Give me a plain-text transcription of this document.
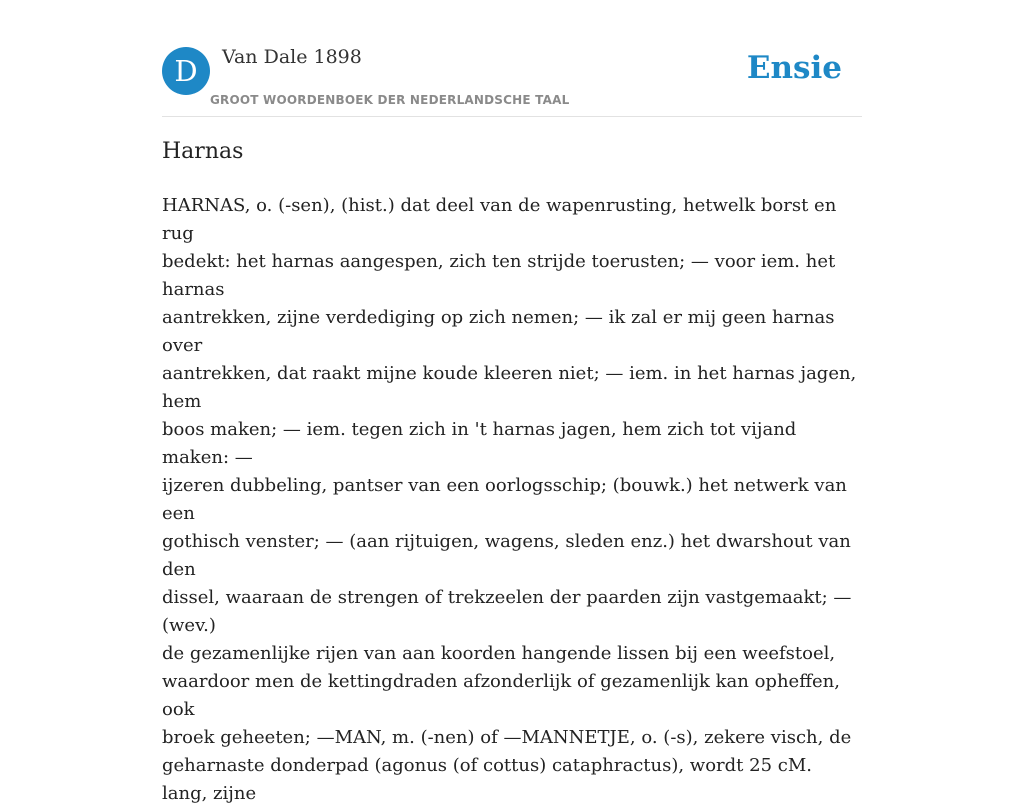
D	Van Dale 1898
GROOT WOORDENBOEK DER NEDERLANDSCHE TAAL
Ensie
Harnas

HARNAS, o. (-sen), (hist.) dat deel van de wapenrusting, hetwelk borst en rug
bedekt: het harnas aangespen, zich ten strijde toerusten; — voor iem. het harnas
aantrekken, zijne verdediging op zich nemen; — ik zal er mij geen harnas over
aantrekken, dat raakt mijne koude kleeren niet; — iem. in het harnas jagen, hem
boos maken; — iem. tegen zich in 't harnas jagen, hem zich tot vijand maken: —
ijzeren dubbeling, pantser van een oorlogsschip; (bouwk.) het netwerk van een
gothisch venster; — (aan rijtuigen, wagens, sleden enz.) het dwarshout van den
dissel, waaraan de strengen of trekzeelen der paarden zijn vastgemaakt; — (wev.)
de gezamenlijke rijen van aan koorden hangende lissen bij een weefstoel,
waardoor men de kettingdraden afzonderlijk of gezamenlijk kan opheffen, ook
broek geheeten; —MAN, m. (-nen) of —MANNETJE, o. (-s), zekere visch, de
geharnaste donderpad (agonus (of cottus) cataphractus), wordt 25 cM. lang, zijne
